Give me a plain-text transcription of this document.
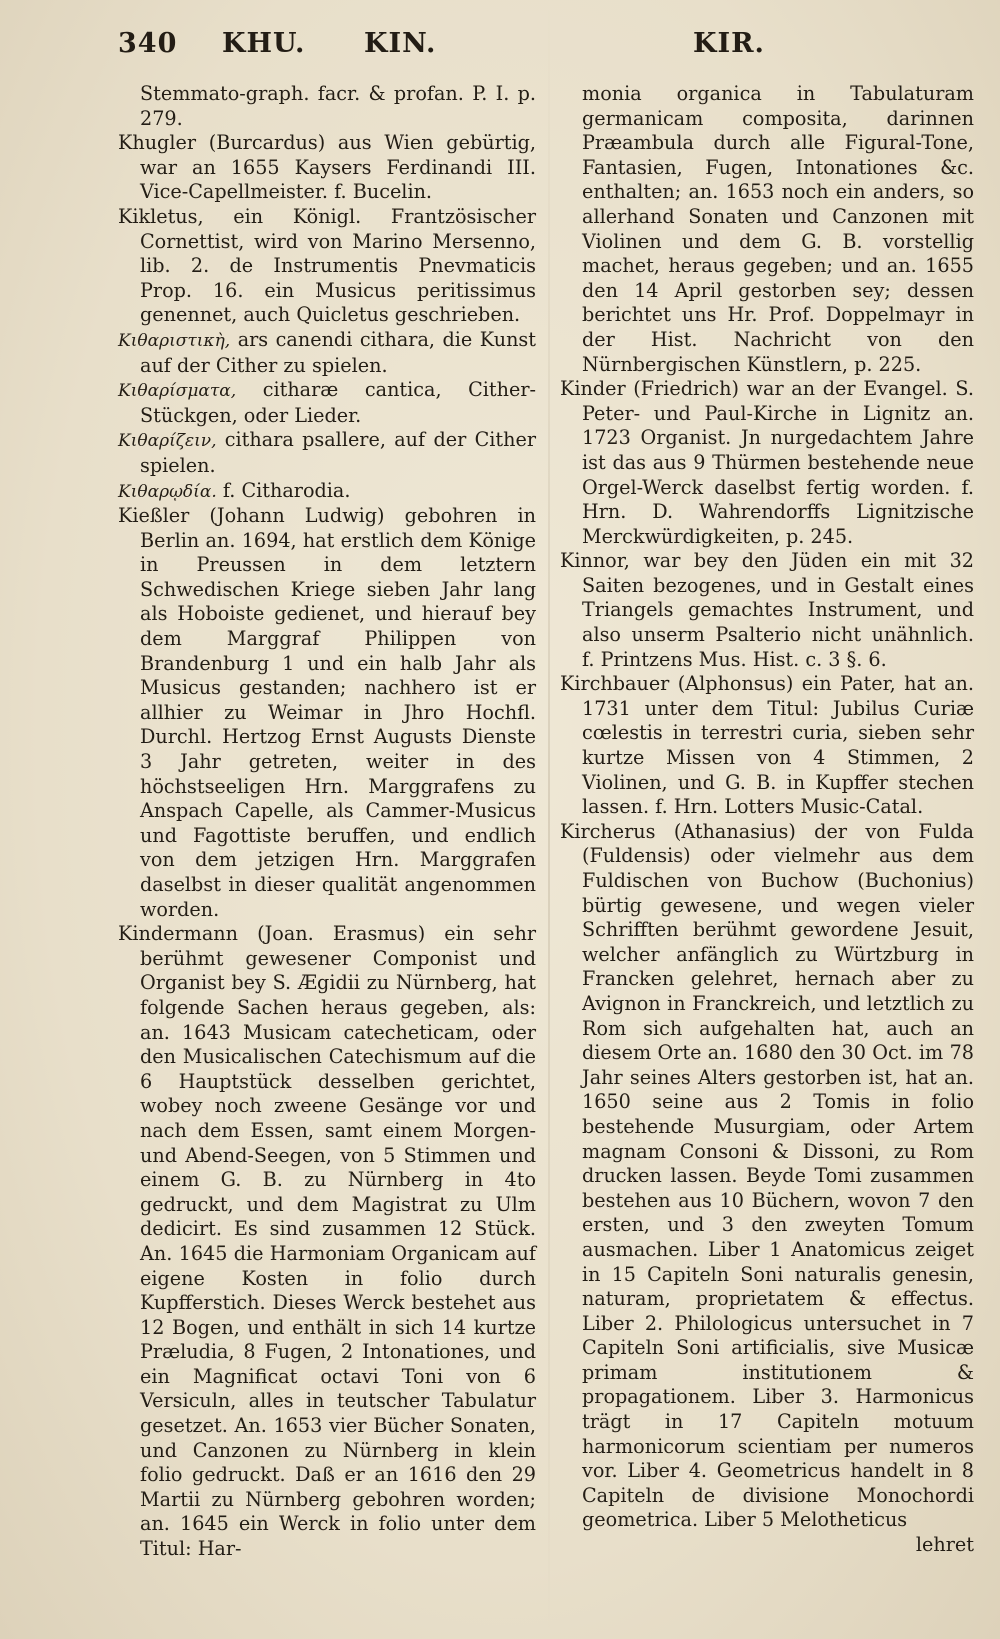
340 KHU. KIN.	KIR.
Stemmato-graph. facr. & profan. P. I. p. 279.
Khugler (Burcardus) aus Wien gebürtig, war an 1655 Kaysers Ferdinandi III. Vice-Capellmeister. f. Bucelin.
Kikletus, ein Königl. Frantzösischer Cornettist, wird von Marino Mersenno, lib. 2. de Instrumentis Pnevmaticis Prop. 16. ein Musicus peritissimus genennet, auch Quicletus geschrieben.
Κιθαριστικὴ, ars canendi cithara, die Kunst auf der Cither zu spielen.
Κιθαρίσματα, citharæ cantica, Cither-Stückgen, oder Lieder.
Κιθαρίζειν, cithara psallere, auf der Cither spielen.
Κιθαρῳδία. f. Citharodia.
Kießler (Johann Ludwig) gebohren in Berlin an. 1694, hat erstlich dem Könige in Preussen in dem letztern Schwedischen Kriege sieben Jahr lang als Hoboiste gedienet, und hierauf bey dem Marggraf Philippen von Brandenburg 1 und ein halb Jahr als Musicus gestanden; nachhero ist er allhier zu Weimar in Jhro Hochfl. Durchl. Hertzog Ernst Augusts Dienste 3 Jahr getreten, weiter in des höchstseeligen Hrn. Marggrafens zu Anspach Capelle, als Cammer-Musicus und Fagottiste beruffen, und endlich von dem jetzigen Hrn. Marggrafen daselbst in dieser qualität angenommen worden.
Kindermann (Joan. Erasmus) ein sehr berühmt gewesener Componist und Organist bey S. Ægidii zu Nürnberg, hat folgende Sachen heraus gegeben, als: an. 1643 Musicam catecheticam, oder den Musicalischen Catechismum auf die 6 Hauptstück desselben gerichtet, wobey noch zweene Gesänge vor und nach dem Essen, samt einem Morgen- und Abend-Seegen, von 5 Stimmen und einem G. B. zu Nürnberg in 4to gedruckt, und dem Magistrat zu Ulm dedicirt. Es sind zusammen 12 Stück. An. 1645 die Harmoniam Organicam auf eigene Kosten in folio durch Kupfferstich. Dieses Werck bestehet aus 12 Bogen, und enthält in sich 14 kurtze Præludia, 8 Fugen, 2 Intonationes, und ein Magnificat octavi Toni von 6 Versiculn, alles in teutscher Tabulatur gesetzet. An. 1653 vier Bücher Sonaten, und Canzonen zu Nürnberg in klein folio gedruckt. Daß er an 1616 den 29 Martii zu Nürnberg gebohren worden; an. 1645 ein Werck in folio unter dem Titul: Har-
monia organica in Tabulaturam germanicam composita, darinnen Præambula durch alle Figural-Tone, Fantasien, Fugen, Intonationes &c. enthalten; an. 1653 noch ein anders, so allerhand Sonaten und Canzonen mit Violinen und dem G. B. vorstellig machet, heraus gegeben; und an. 1655 den 14 April gestorben sey; dessen berichtet uns Hr. Prof. Doppelmayr in der Hist. Nachricht von den Nürnbergischen Künstlern, p. 225.
Kinder (Friedrich) war an der Evangel. S. Peter- und Paul-Kirche in Lignitz an. 1723 Organist. Jn nurgedachtem Jahre ist das aus 9 Thürmen bestehende neue Orgel-Werck daselbst fertig worden. f. Hrn. D. Wahrendorffs Lignitzische Merckwürdigkeiten, p. 245.
Kinnor, war bey den Jüden ein mit 32 Saiten bezogenes, und in Gestalt eines Triangels gemachtes Instrument, und also unserm Psalterio nicht unähnlich. f. Printzens Mus. Hist. c. 3 §. 6.
Kirchbauer (Alphonsus) ein Pater, hat an. 1731 unter dem Titul: Jubilus Curiæ cœlestis in terrestri curia, sieben sehr kurtze Missen von 4 Stimmen, 2 Violinen, und G. B. in Kupffer stechen lassen. f. Hrn. Lotters Music-Catal.
Kircherus (Athanasius) der von Fulda (Fuldensis) oder vielmehr aus dem Fuldischen von Buchow (Buchonius) bürtig gewesene, und wegen vieler Schrifften berühmt gewordene Jesuit, welcher anfänglich zu Würtzburg in Francken gelehret, hernach aber zu Avignon in Franckreich, und letztlich zu Rom sich aufgehalten hat, auch an diesem Orte an. 1680 den 30 Oct. im 78 Jahr seines Alters gestorben ist, hat an. 1650 seine aus 2 Tomis in folio bestehende Musurgiam, oder Artem magnam Consoni & Dissoni, zu Rom drucken lassen. Beyde Tomi zusammen bestehen aus 10 Büchern, wovon 7 den ersten, und 3 den zweyten Tomum ausmachen. Liber 1 Anatomicus zeiget in 15 Capiteln Soni naturalis genesin, naturam, proprietatem & effectus. Liber 2. Philologicus untersuchet in 7 Capiteln Soni artificialis, sive Musicæ primam institutionem & propagationem. Liber 3. Harmonicus trägt in 17 Capiteln motuum harmonicorum scientiam per numeros vor. Liber 4. Geometricus handelt in 8 Capiteln de divisione Monochordi geometrica. Liber 5 Melotheticus
lehret
